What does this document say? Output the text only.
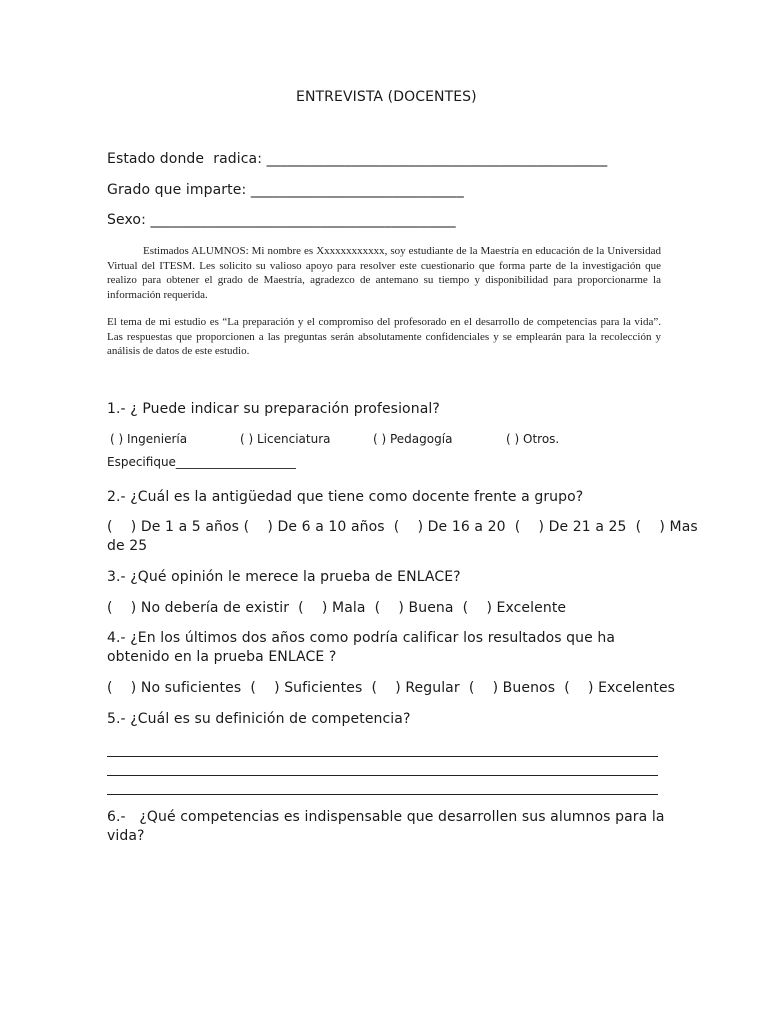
ENTREVISTA (DOCENTES)
Estado donde  radica: ________________________________________________
Grado que imparte: ______________________________
Sexo: ___________________________________________
Estimados ALUMNOS: Mi nombre es Xxxxxxxxxxxx, soy estudiante de la Maestría en educación de la Universidad Virtual del ITESM. Les solicito su valioso apoyo para resolver este cuestionario que forma parte de la investigación que realizo para obtener el grado de Maestría, agradezco de antemano su tiempo y disponibilidad para proporcionarme la información requerida.
El tema de mi estudio es “La preparación y el compromiso del profesorado en el desarrollo de competencias para la vida”. Las respuestas que proporcionen a las preguntas serán absolutamente confidenciales y se emplearán para la recolección y análisis de datos de este estudio.
1.- ¿ Puede indicar su preparación profesional?
( ) Ingeniería	( ) Licenciatura	( ) Pedagogía	( ) Otros.
Especifique____________________
2.- ¿Cuál es la antigüedad que tiene como docente frente a grupo?
(    ) De 1 a 5 años (    ) De 6 a 10 años  (    ) De 16 a 20  (    ) De 21 a 25  (    ) Mas
de 25
3.- ¿Qué opinión le merece la prueba de ENLACE?
(    ) No debería de existir  (    ) Mala  (    ) Buena  (    ) Excelente
4.- ¿En los últimos dos años como podría calificar los resultados que ha
obtenido en la prueba ENLACE ?
(    ) No suficientes  (    ) Suficientes  (    ) Regular  (    ) Buenos  (    ) Excelentes
5.- ¿Cuál es su definición de competencia?
6.-   ¿Qué competencias es indispensable que desarrollen sus alumnos para la
vida?
